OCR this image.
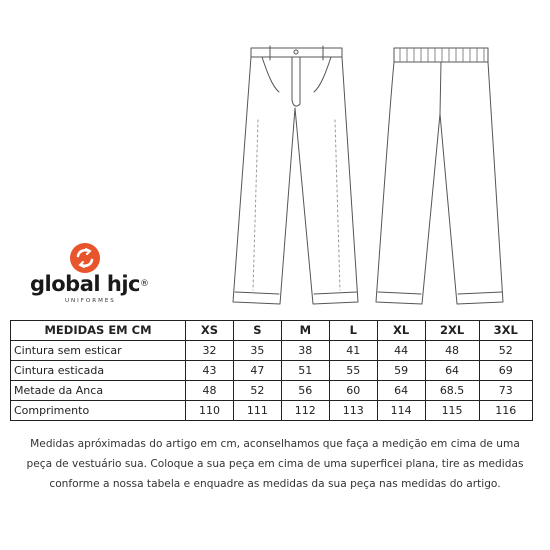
global hjc®
UNIFORMES
MEDIDAS EM CM	XS	S	M	L	XL	2XL	3XL
Cintura sem esticar	32	35	38	41	44	48	52
Cintura esticada	43	47	51	55	59	64	69
Metade da Anca	48	52	56	60	64	68.5	73
Comprimento	110	111	112	113	114	115	116

Medidas apróximadas do artigo em cm, aconselhamos que faça a medição em cima de uma

peça de vestuário sua. Coloque a sua peça em cima de uma superficei plana, tire as medidas

conforme a nossa tabela e enquadre as medidas da sua peça nas medidas do artigo.
